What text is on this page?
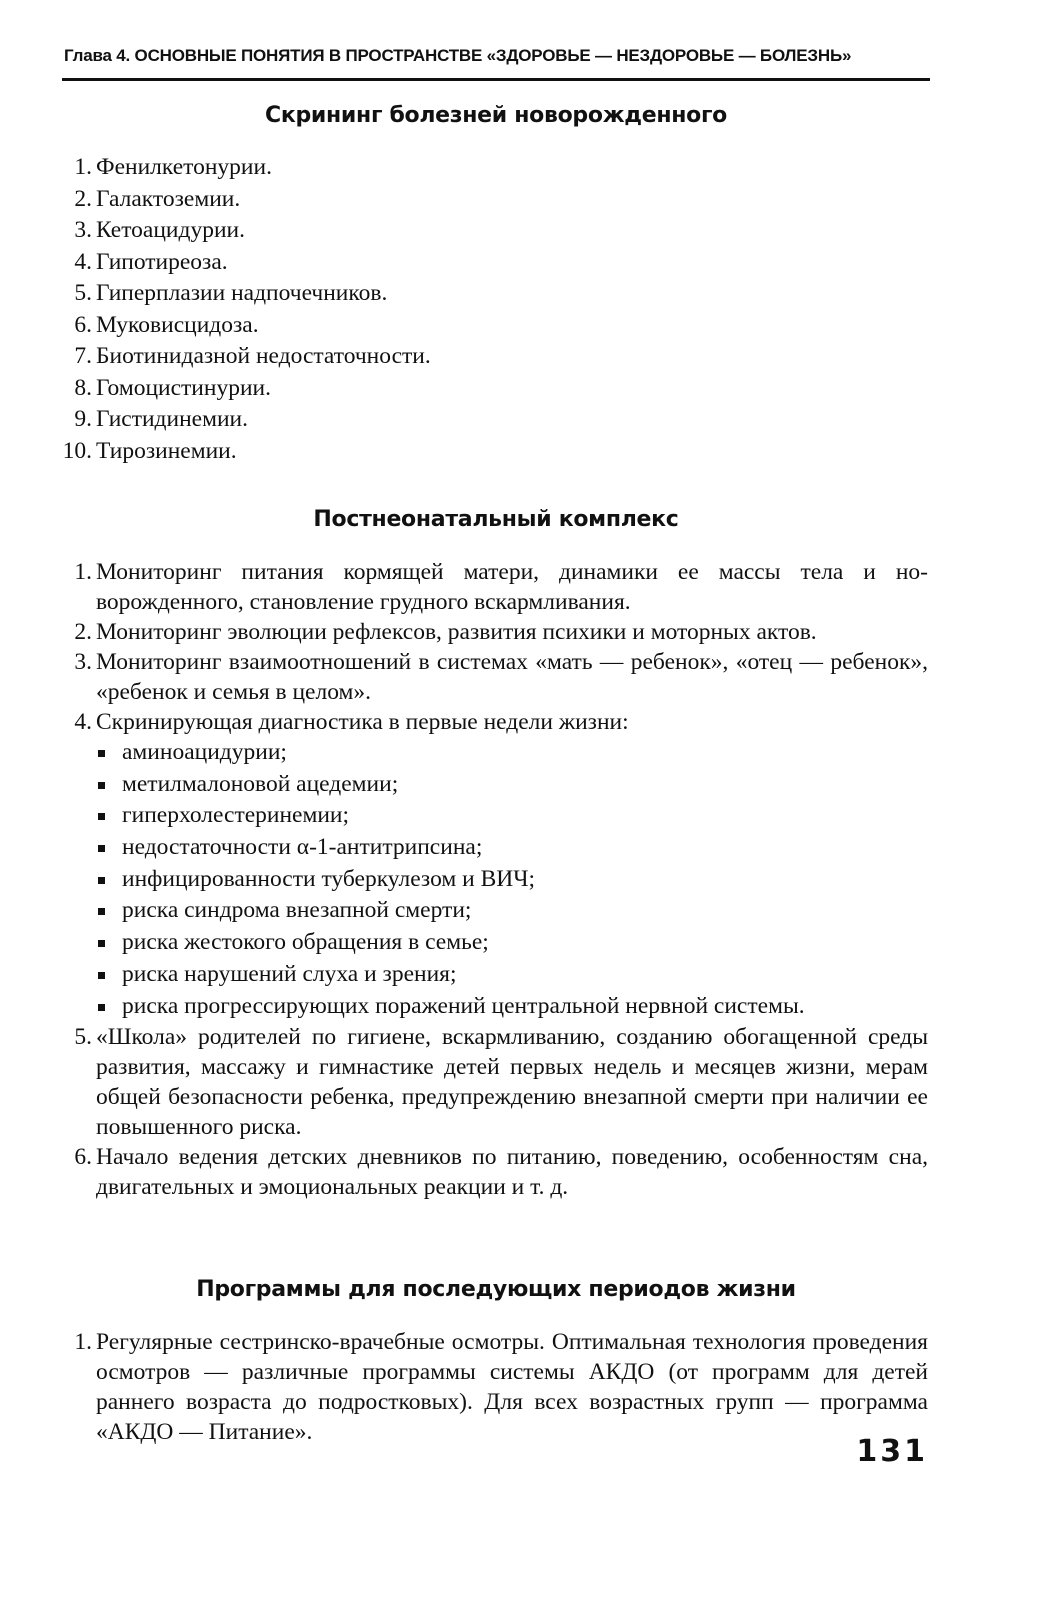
Глава 4. ОСНОВНЫЕ ПОНЯТИЯ В ПРОСТРАНСТВЕ «ЗДОРОВЬЕ — НЕЗДОРОВЬЕ — БОЛЕЗНЬ»
Скрининг болезней новорожденного
1. Фенилкетонурии.
2. Галактоземии.
3. Кетоацидурии.
4. Гипотиреоза.
5. Гиперплазии надпочечников.
6. Муковисцидоза.
7. Биотинидазной недостаточности.
8. Гомоцистинурии.
9. Гистидинемии.
10. Тирозинемии.
Постнеонатальный комплекс
1. Мониторинг питания кормящей матери, динамики ее массы тела и новорожденного, становление грудного вскармливания.
2. Мониторинг эволюции рефлексов, развития психики и моторных актов.
3. Мониторинг взаимоотношений в системах «мать — ребенок», «отец — ребенок», «ребенок и семья в целом».
4. Скринирующая диагностика в первые недели жизни:
аминоацидурии;
метилмалоновой ацедемии;
гиперхолестеринемии;
недостаточности α-1-антитрипсина;
инфицированности туберкулезом и ВИЧ;
риска синдрома внезапной смерти;
риска жестокого обращения в семье;
риска нарушений слуха и зрения;
риска прогрессирующих поражений центральной нервной системы.
5. «Школа» родителей по гигиене, вскармливанию, созданию обогащенной среды развития, массажу и гимнастике детей первых недель и месяцев жизни, мерам общей безопасности ребенка, предупреждению внезапной смерти при наличии ее повышенного риска.
6. Начало ведения детских дневников по питанию, поведению, особенностям сна, двигательных и эмоциональных реакции и т. д.
Программы для последующих периодов жизни
1. Регулярные сестринско-врачебные осмотры. Оптимальная технология проведения осмотров — различные программы системы АКДО (от программ для детей раннего возраста до подростковых). Для всех возрастных групп — программа «АКДО — Питание».
131
